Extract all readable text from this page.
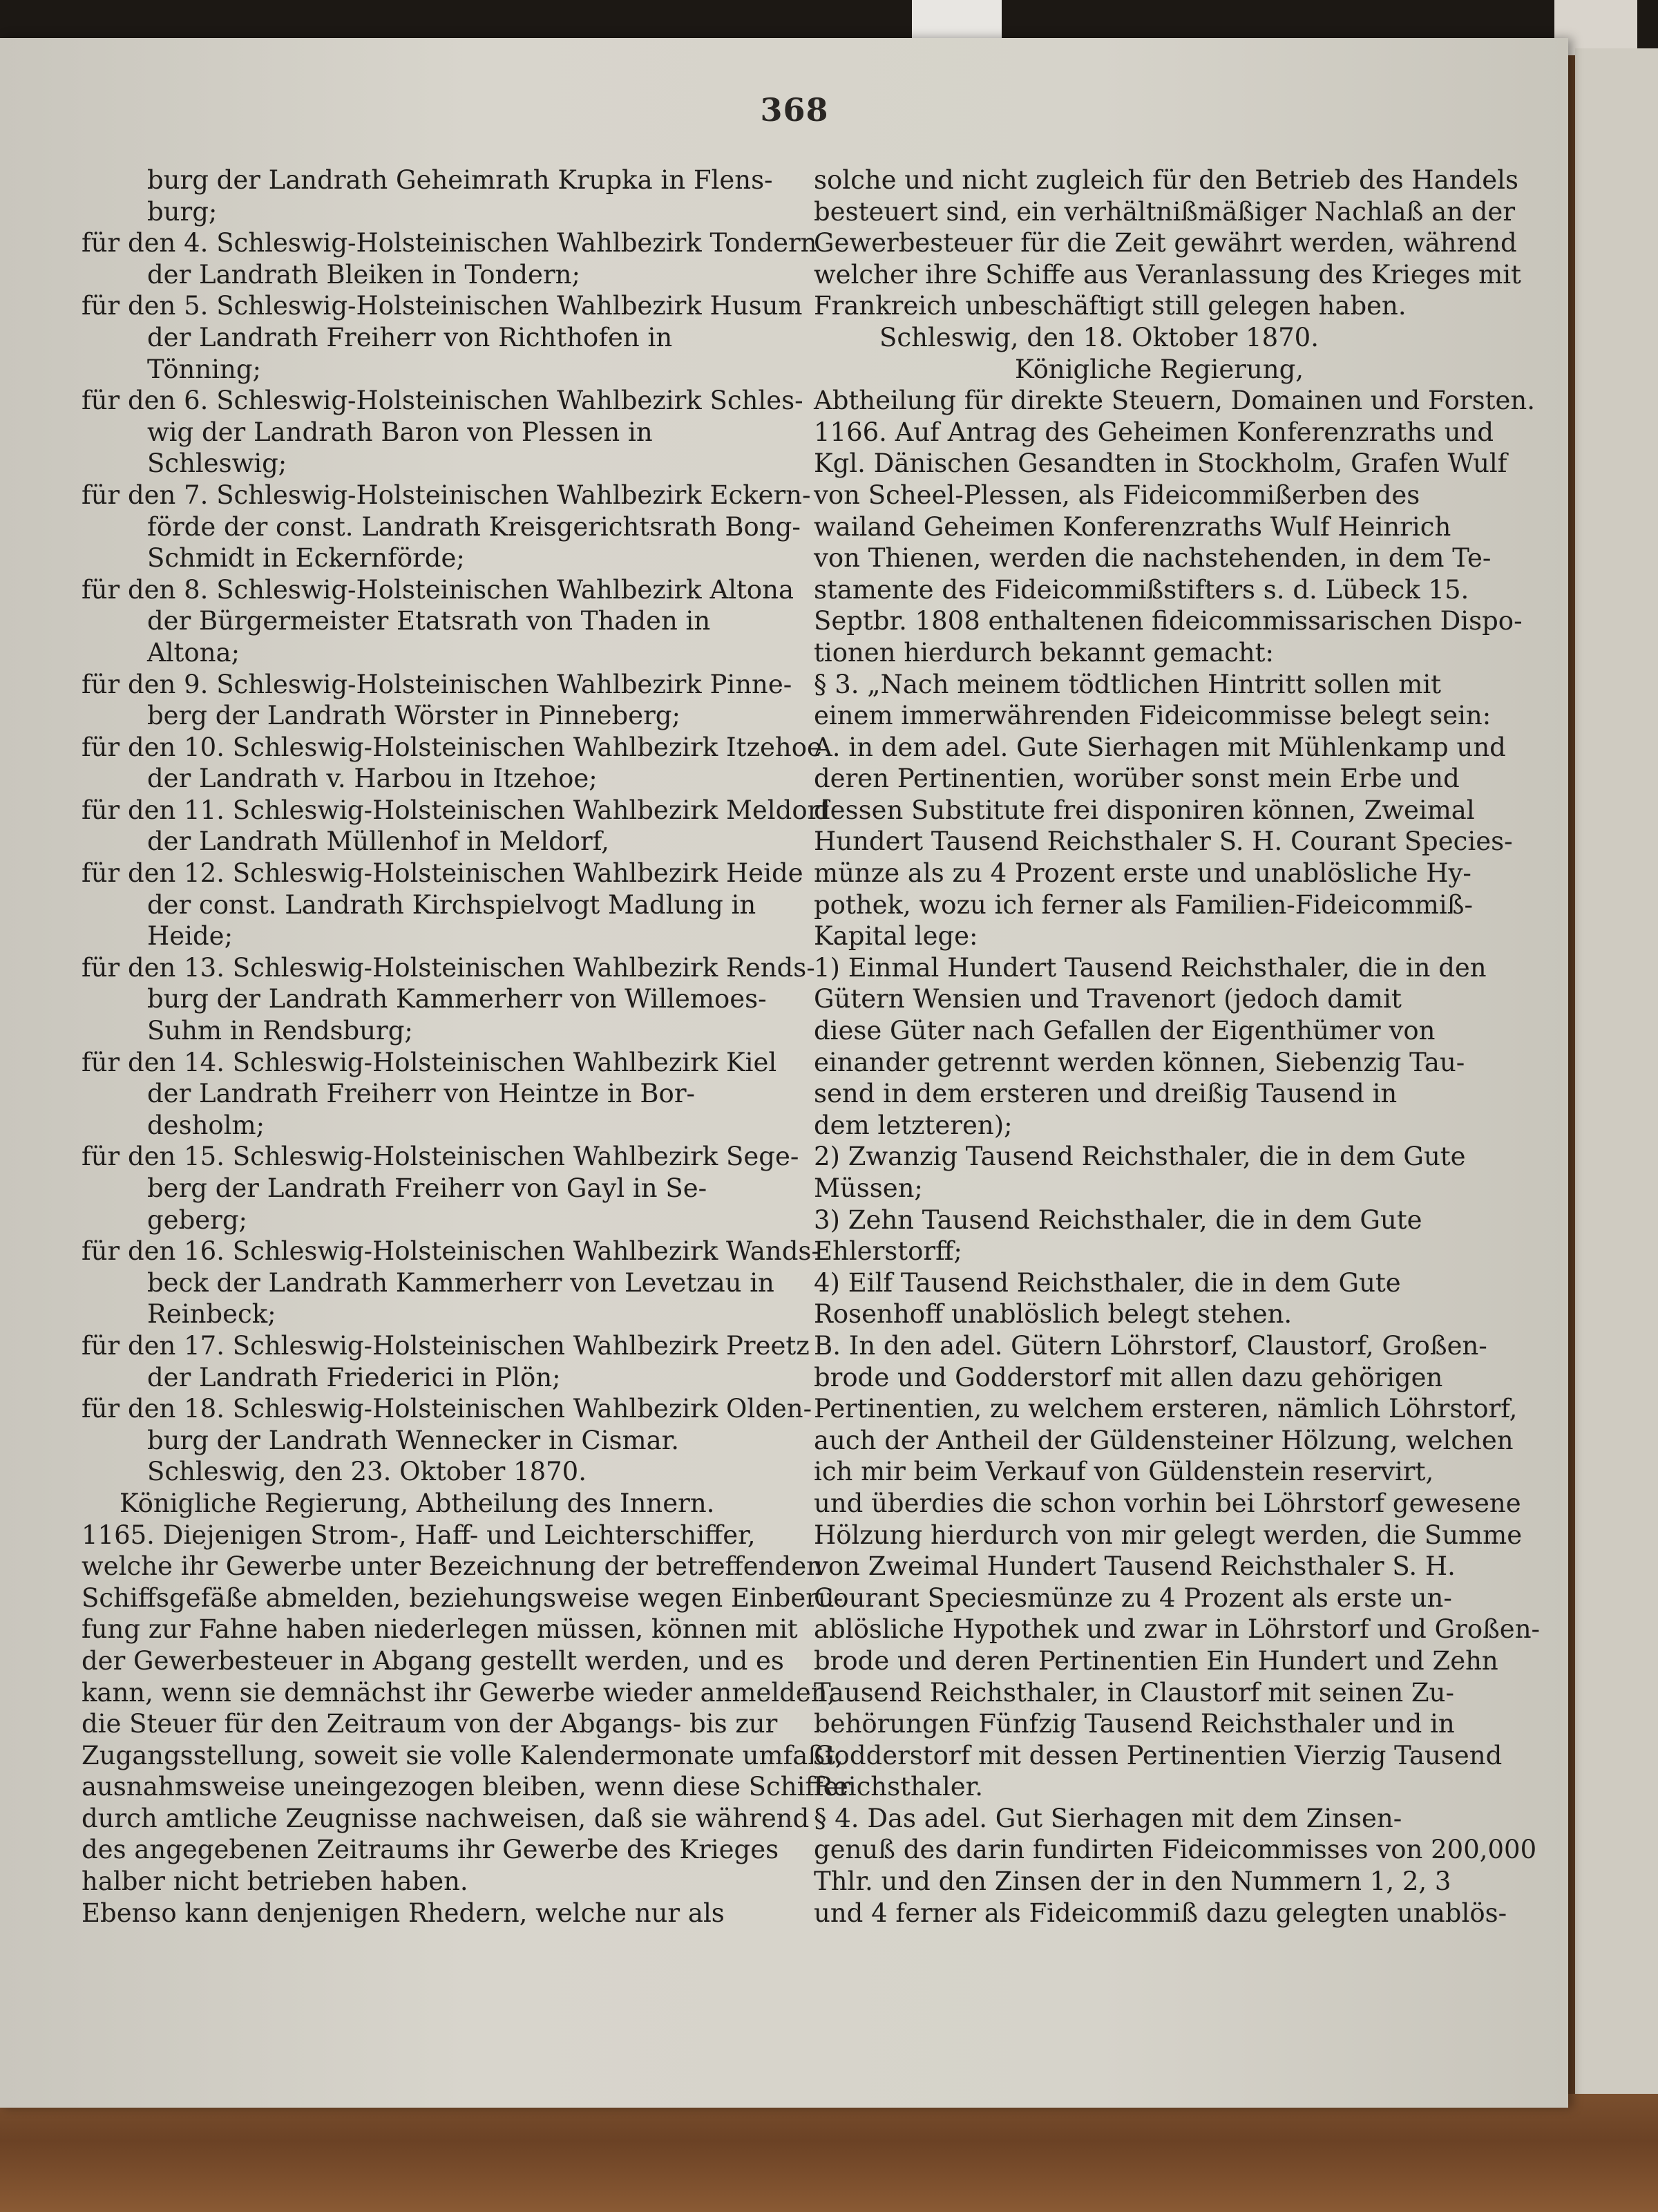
368
burg der Landrath Geheimrath Krupka in Flens-
burg;
für den 4. Schleswig-Holsteinischen Wahlbezirk Tondern
der Landrath Bleiken in Tondern;
für den 5. Schleswig-Holsteinischen Wahlbezirk Husum
der Landrath Freiherr von Richthofen in
Tönning;
für den 6. Schleswig-Holsteinischen Wahlbezirk Schles-
wig der Landrath Baron von Plessen in
Schleswig;
für den 7. Schleswig-Holsteinischen Wahlbezirk Eckern-
förde der const. Landrath Kreisgerichtsrath Bong-
Schmidt in Eckernförde;
für den 8. Schleswig-Holsteinischen Wahlbezirk Altona
der Bürgermeister Etatsrath von Thaden in
Altona;
für den 9. Schleswig-Holsteinischen Wahlbezirk Pinne-
berg der Landrath Wörster in Pinneberg;
für den 10. Schleswig-Holsteinischen Wahlbezirk Itzehoe
der Landrath v. Harbou in Itzehoe;
für den 11. Schleswig-Holsteinischen Wahlbezirk Meldorf
der Landrath Müllenhof in Meldorf,
für den 12. Schleswig-Holsteinischen Wahlbezirk Heide
der const. Landrath Kirchspielvogt Madlung in
Heide;
für den 13. Schleswig-Holsteinischen Wahlbezirk Rends-
burg der Landrath Kammerherr von Willemoes-
Suhm in Rendsburg;
für den 14. Schleswig-Holsteinischen Wahlbezirk Kiel
der Landrath Freiherr von Heintze in Bor-
desholm;
für den 15. Schleswig-Holsteinischen Wahlbezirk Sege-
berg der Landrath Freiherr von Gayl in Se-
geberg;
für den 16. Schleswig-Holsteinischen Wahlbezirk Wands-
beck der Landrath Kammerherr von Levetzau in
Reinbeck;
für den 17. Schleswig-Holsteinischen Wahlbezirk Preetz
der Landrath Friederici in Plön;
für den 18. Schleswig-Holsteinischen Wahlbezirk Olden-
burg der Landrath Wennecker in Cismar.
Schleswig, den 23. Oktober 1870.
Königliche Regierung, Abtheilung des Innern.
1165. Diejenigen Strom-, Haff- und Leichterschiffer,
welche ihr Gewerbe unter Bezeichnung der betreffenden
Schiffsgefäße abmelden, beziehungsweise wegen Einberu-
fung zur Fahne haben niederlegen müssen, können mit
der Gewerbesteuer in Abgang gestellt werden, und es
kann, wenn sie demnächst ihr Gewerbe wieder anmelden,
die Steuer für den Zeitraum von der Abgangs- bis zur
Zugangsstellung, soweit sie volle Kalendermonate umfaßt,
ausnahmsweise uneingezogen bleiben, wenn diese Schiffer
durch amtliche Zeugnisse nachweisen, daß sie während
des angegebenen Zeitraums ihr Gewerbe des Krieges
halber nicht betrieben haben.
Ebenso kann denjenigen Rhedern, welche nur als
solche und nicht zugleich für den Betrieb des Handels
besteuert sind, ein verhältnißmäßiger Nachlaß an der
Gewerbesteuer für die Zeit gewährt werden, während
welcher ihre Schiffe aus Veranlassung des Krieges mit
Frankreich unbeschäftigt still gelegen haben.
Schleswig, den 18. Oktober 1870.
Königliche Regierung,
Abtheilung für direkte Steuern, Domainen und Forsten.
1166. Auf Antrag des Geheimen Konferenzraths und
Kgl. Dänischen Gesandten in Stockholm, Grafen Wulf
von Scheel-Plessen, als Fideicommißerben des
wailand Geheimen Konferenzraths Wulf Heinrich
von Thienen, werden die nachstehenden, in dem Te-
stamente des Fideicommißstifters s. d. Lübeck 15.
Septbr. 1808 enthaltenen fideicommissarischen Dispo-
tionen hierdurch bekannt gemacht:
§ 3. „Nach meinem tödtlichen Hintritt sollen mit
einem immerwährenden Fideicommisse belegt sein:
A. in dem adel. Gute Sierhagen mit Mühlenkamp und
deren Pertinentien, worüber sonst mein Erbe und
dessen Substitute frei disponiren können, Zweimal
Hundert Tausend Reichsthaler S. H. Courant Species-
münze als zu 4 Prozent erste und unablösliche Hy-
pothek, wozu ich ferner als Familien-Fideicommiß-
Kapital lege:
1) Einmal Hundert Tausend Reichsthaler, die in den
Gütern Wensien und Travenort (jedoch damit
diese Güter nach Gefallen der Eigenthümer von
einander getrennt werden können, Siebenzig Tau-
send in dem ersteren und dreißig Tausend in
dem letzteren);
2) Zwanzig Tausend Reichsthaler, die in dem Gute
Müssen;
3) Zehn Tausend Reichsthaler, die in dem Gute
Ehlerstorff;
4) Eilf Tausend Reichsthaler, die in dem Gute
Rosenhoff unablöslich belegt stehen.
B. In den adel. Gütern Löhrstorf, Claustorf, Großen-
brode und Godderstorf mit allen dazu gehörigen
Pertinentien, zu welchem ersteren, nämlich Löhrstorf,
auch der Antheil der Güldensteiner Hölzung, welchen
ich mir beim Verkauf von Güldenstein reservirt,
und überdies die schon vorhin bei Löhrstorf gewesene
Hölzung hierdurch von mir gelegt werden, die Summe
von Zweimal Hundert Tausend Reichsthaler S. H.
Courant Speciesmünze zu 4 Prozent als erste un-
ablösliche Hypothek und zwar in Löhrstorf und Großen-
brode und deren Pertinentien Ein Hundert und Zehn
Tausend Reichsthaler, in Claustorf mit seinen Zu-
behörungen Fünfzig Tausend Reichsthaler und in
Godderstorf mit dessen Pertinentien Vierzig Tausend
Reichsthaler.
§ 4. Das adel. Gut Sierhagen mit dem Zinsen-
genuß des darin fundirten Fideicommisses von 200,000
Thlr. und den Zinsen der in den Nummern 1, 2, 3
und 4 ferner als Fideicommiß dazu gelegten unablös-
